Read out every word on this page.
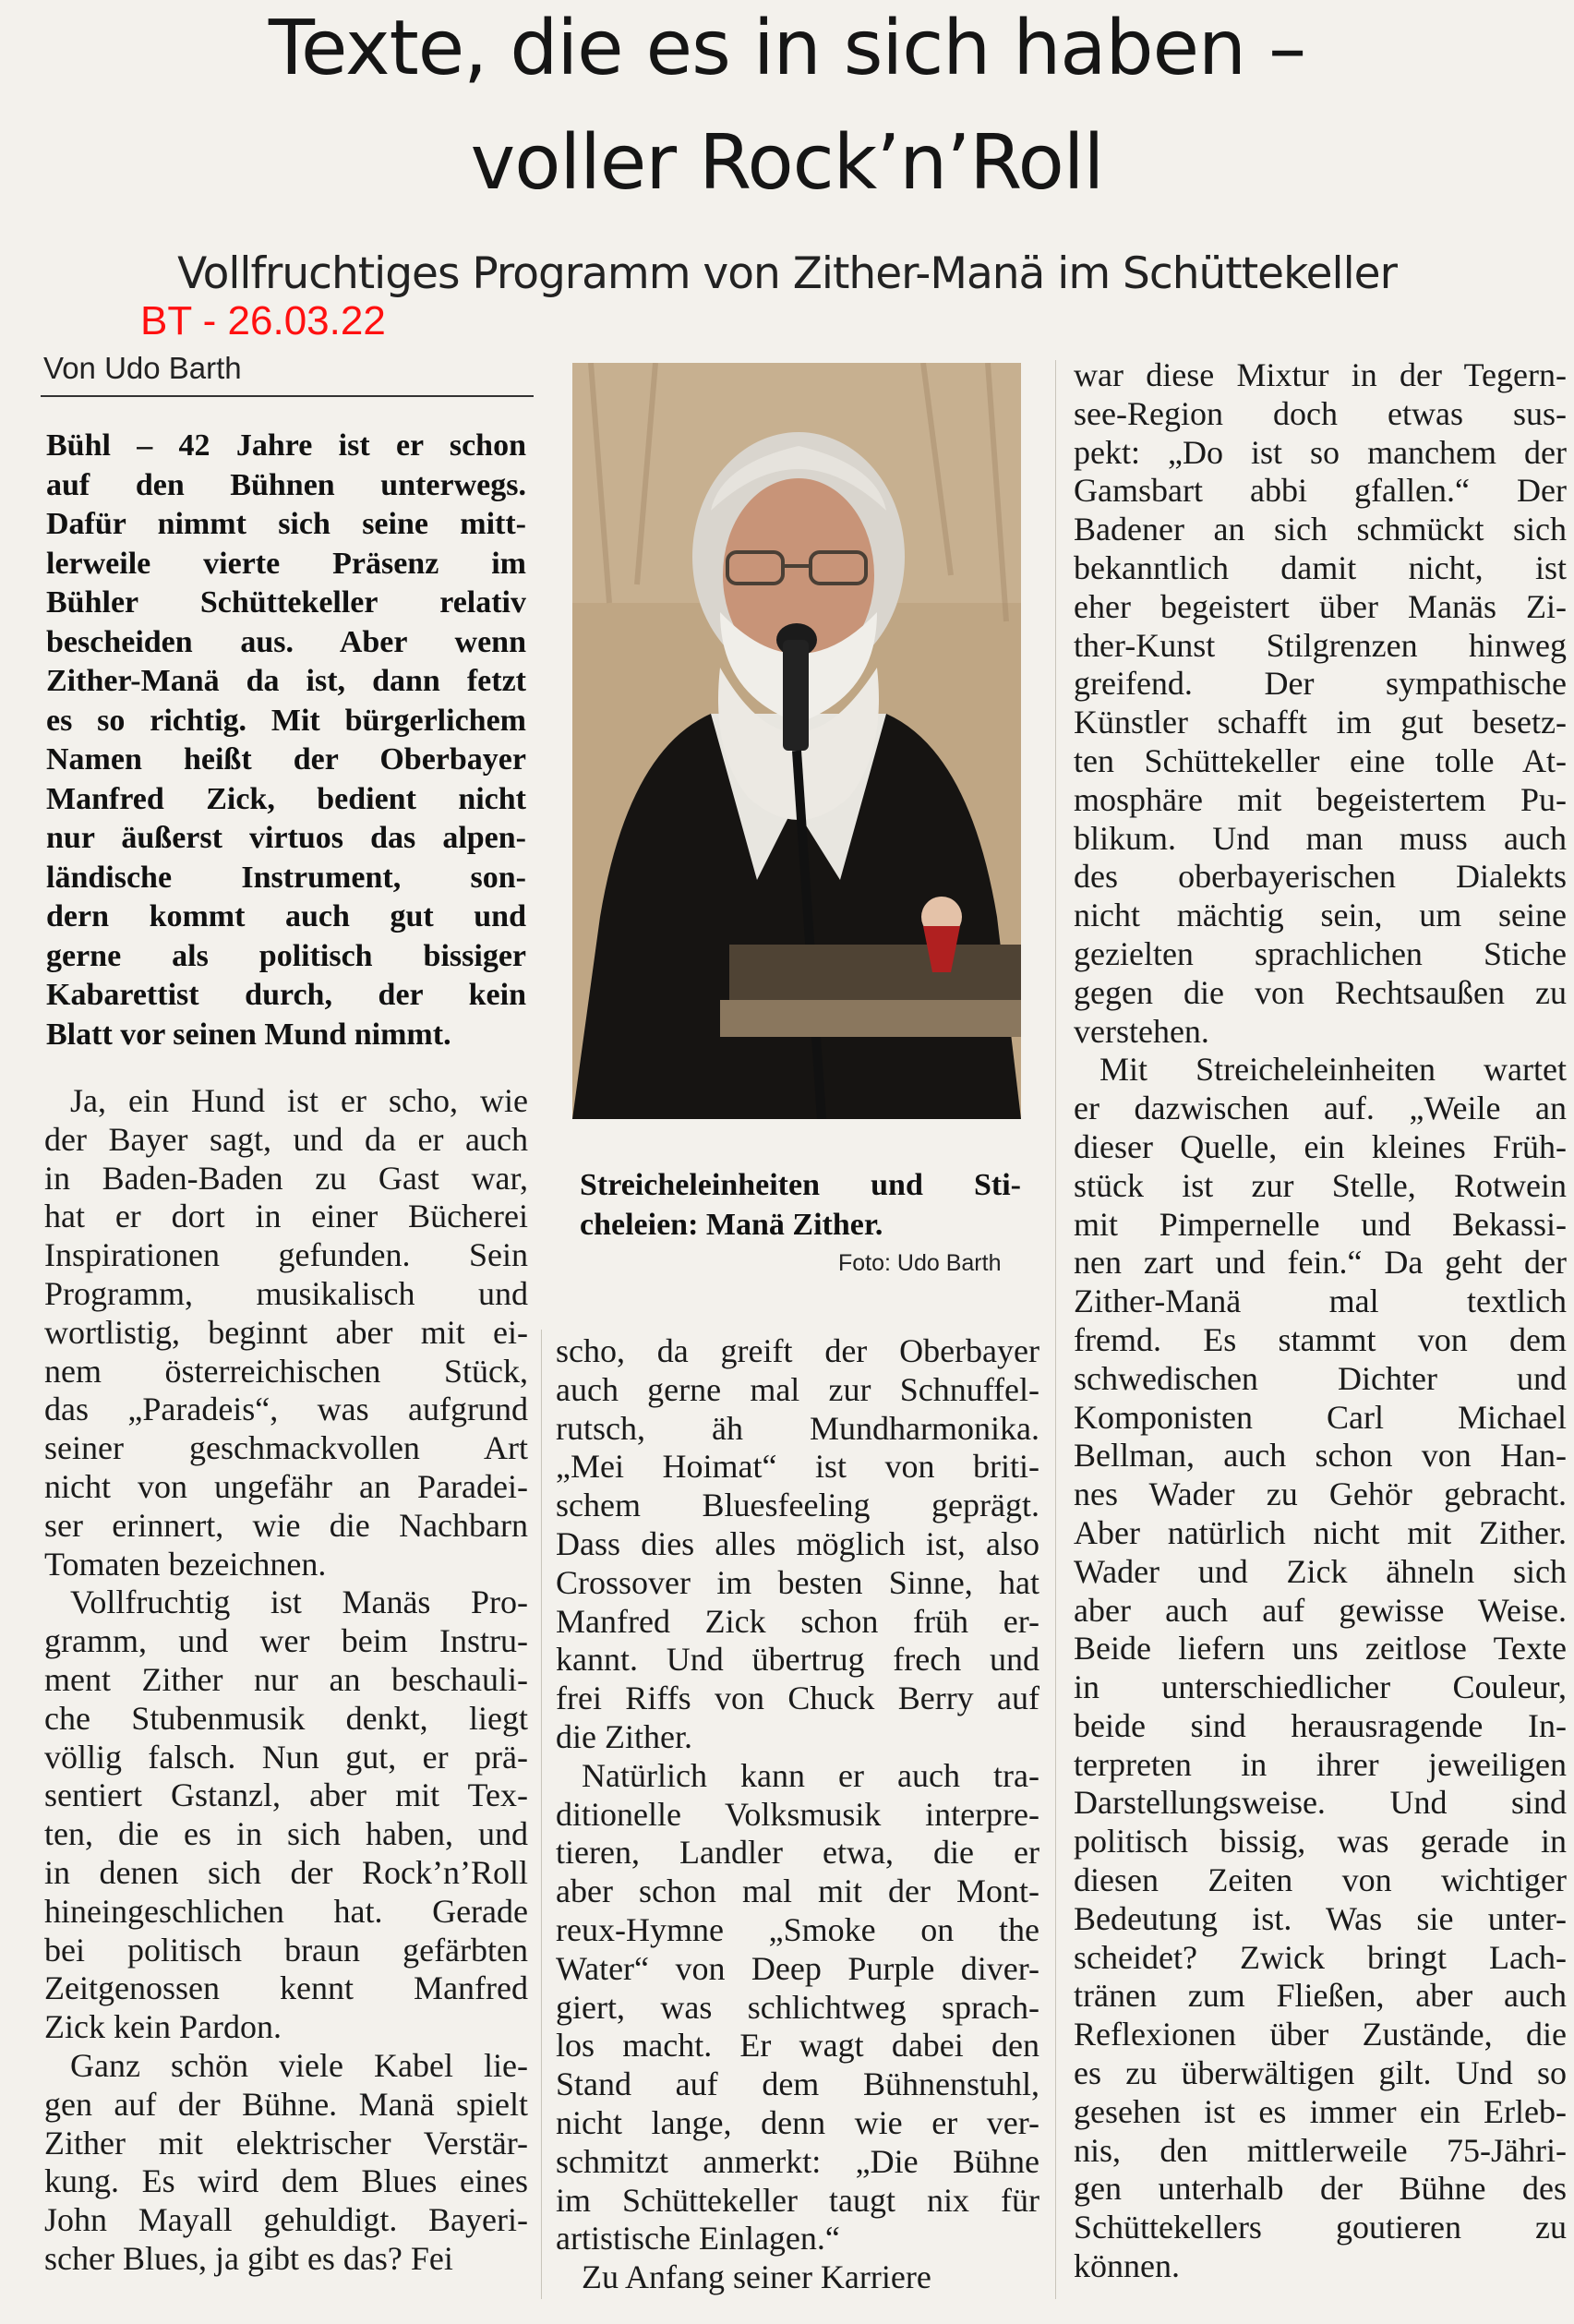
Texte, die es in sich haben –
voller Rock’n’Roll
Vollfruchtiges Programm von Zither-Manä im Schüttekeller
BT - 26.03.22
Von Udo Barth
Bühl – 42 Jahre ist er schon
auf den Bühnen unterwegs.
Dafür nimmt sich seine mitt-
lerweile vierte Präsenz im
Bühler Schüttekeller relativ
bescheiden aus. Aber wenn
Zither-Manä da ist, dann fetzt
es so richtig. Mit bürgerlichem
Namen heißt der Oberbayer
Manfred Zick, bedient nicht
nur äußerst virtuos das alpen-
ländische Instrument, son-
dern kommt auch gut und
gerne als politisch bissiger
Kabarettist durch, der kein
Blatt vor seinen Mund nimmt.
Ja, ein Hund ist er scho, wie
der Bayer sagt, und da er auch
in Baden-Baden zu Gast war,
hat er dort in einer Bücherei
Inspirationen gefunden. Sein
Programm, musikalisch und
wortlistig, beginnt aber mit ei-
nem österreichischen Stück,
das „Paradeis“, was aufgrund
seiner geschmackvollen Art
nicht von ungefähr an Paradei-
ser erinnert, wie die Nachbarn
Tomaten bezeichnen.
Vollfruchtig ist Manäs Pro-
gramm, und wer beim Instru-
ment Zither nur an beschauli-
che Stubenmusik denkt, liegt
völlig falsch. Nun gut, er prä-
sentiert Gstanzl, aber mit Tex-
ten, die es in sich haben, und
in denen sich der Rock’n’Roll
hineingeschlichen hat. Gerade
bei politisch braun gefärbten
Zeitgenossen kennt Manfred
Zick kein Pardon.
Ganz schön viele Kabel lie-
gen auf der Bühne. Manä spielt
Zither mit elektrischer Verstär-
kung. Es wird dem Blues eines
John Mayall gehuldigt. Bayeri-
scher Blues, ja gibt es das? Fei
Streicheleinheiten und Sti-
cheleien: Manä Zither.
Foto: Udo Barth
scho, da greift der Oberbayer
auch gerne mal zur Schnuffel-
rutsch, äh Mundharmonika.
„Mei Hoimat“ ist von briti-
schem Bluesfeeling geprägt.
Dass dies alles möglich ist, also
Crossover im besten Sinne, hat
Manfred Zick schon früh er-
kannt. Und übertrug frech und
frei Riffs von Chuck Berry auf
die Zither.
Natürlich kann er auch tra-
ditionelle Volksmusik interpre-
tieren, Landler etwa, die er
aber schon mal mit der Mont-
reux-Hymne „Smoke on the
Water“ von Deep Purple diver-
giert, was schlichtweg sprach-
los macht. Er wagt dabei den
Stand auf dem Bühnenstuhl,
nicht lange, denn wie er ver-
schmitzt anmerkt: „Die Bühne
im Schüttekeller taugt nix für
artistische Einlagen.“
Zu Anfang seiner Karriere
war diese Mixtur in der Tegern-
see-Region doch etwas sus-
pekt: „Do ist so manchem der
Gamsbart abbi gfallen.“ Der
Badener an sich schmückt sich
bekanntlich damit nicht, ist
eher begeistert über Manäs Zi-
ther-Kunst Stilgrenzen hinweg
greifend. Der sympathische
Künstler schafft im gut besetz-
ten Schüttekeller eine tolle At-
mosphäre mit begeistertem Pu-
blikum. Und man muss auch
des oberbayerischen Dialekts
nicht mächtig sein, um seine
gezielten sprachlichen Stiche
gegen die von Rechtsaußen zu
verstehen.
Mit Streicheleinheiten wartet
er dazwischen auf. „Weile an
dieser Quelle, ein kleines Früh-
stück ist zur Stelle, Rotwein
mit Pimpernelle und Bekassi-
nen zart und fein.“ Da geht der
Zither-Manä mal textlich
fremd. Es stammt von dem
schwedischen Dichter und
Komponisten Carl Michael
Bellman, auch schon von Han-
nes Wader zu Gehör gebracht.
Aber natürlich nicht mit Zither.
Wader und Zick ähneln sich
aber auch auf gewisse Weise.
Beide liefern uns zeitlose Texte
in unterschiedlicher Couleur,
beide sind herausragende In-
terpreten in ihrer jeweiligen
Darstellungsweise. Und sind
politisch bissig, was gerade in
diesen Zeiten von wichtiger
Bedeutung ist. Was sie unter-
scheidet? Zwick bringt Lach-
tränen zum Fließen, aber auch
Reflexionen über Zustände, die
es zu überwältigen gilt. Und so
gesehen ist es immer ein Erleb-
nis, den mittlerweile 75-Jähri-
gen unterhalb der Bühne des
Schüttekellers goutieren zu
können.
